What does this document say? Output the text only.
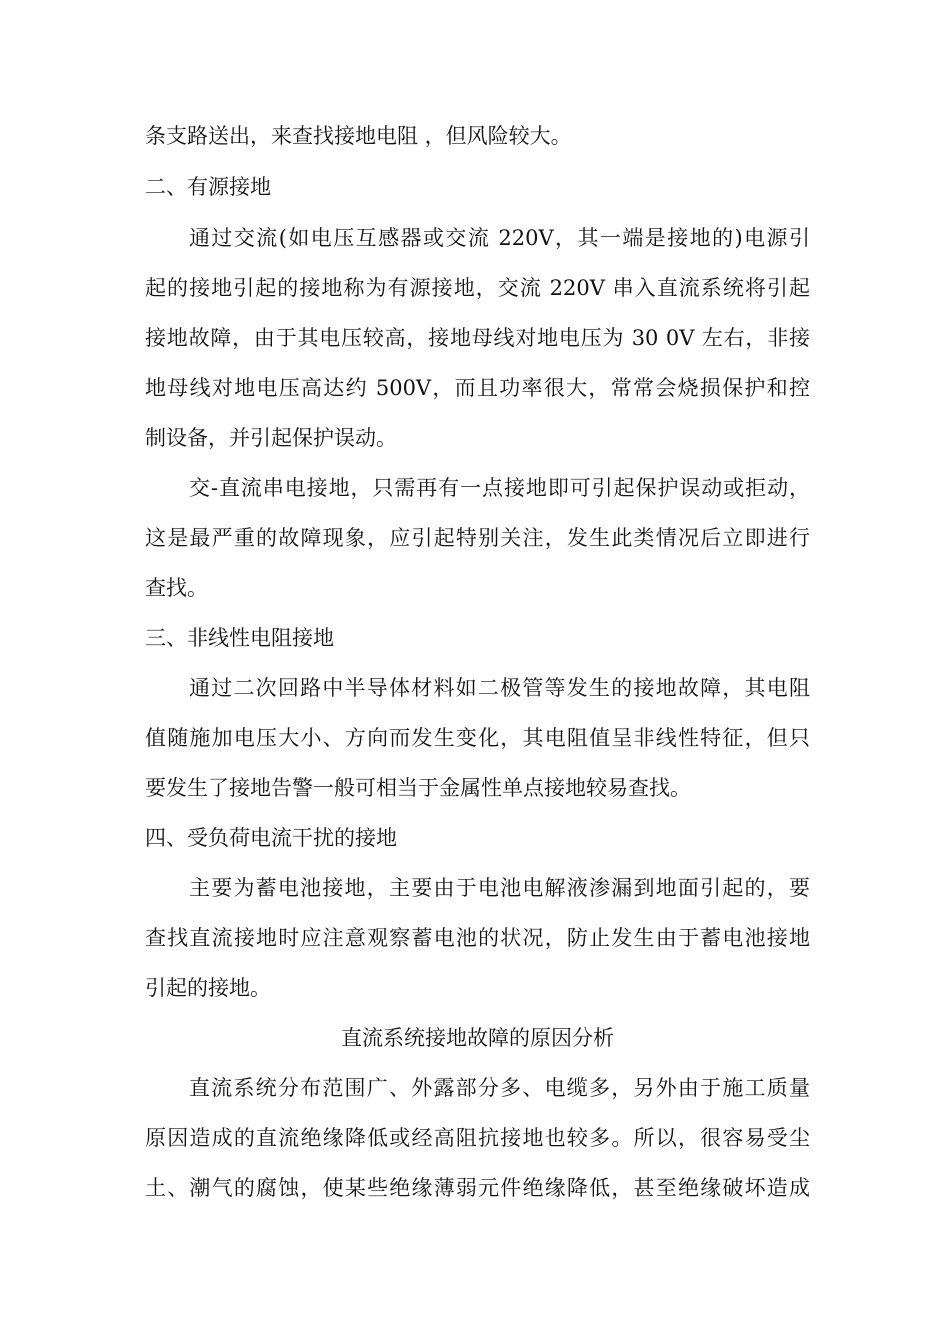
条支路送出，来查找接地电阻 ，但风险较大。
二、有源接地
通过交流(如电压互感器或交流 220V，其一端是接地的)电源引
起的接地引起的接地称为有源接地，交流 220V 串入直流系统将引起
接地故障，由于其电压较高，接地母线对地电压为 30 0V 左右，非接
地母线对地电压高达约 500V，而且功率很大，常常会烧损保护和控
制设备，并引起保护误动。
交-直流串电接地，只需再有一点接地即可引起保护误动或拒动，
这是最严重的故障现象，应引起特别关注，发生此类情况后立即进行
查找。
三、非线性电阻接地
通过二次回路中半导体材料如二极管等发生的接地故障，其电阻
值随施加电压大小、方向而发生变化，其电阻值呈非线性特征，但只
要发生了接地告警一般可相当于金属性单点接地较易查找。
四、受负荷电流干扰的接地
主要为蓄电池接地，主要由于电池电解液渗漏到地面引起的，要
查找直流接地时应注意观察蓄电池的状况，防止发生由于蓄电池接地
引起的接地。
直流系统接地故障的原因分析
直流系统分布范围广、外露部分多、电缆多，另外由于施工质量
原因造成的直流绝缘降低或经高阻抗接地也较多。所以，很容易受尘
土、潮气的腐蚀，使某些绝缘薄弱元件绝缘降低，甚至绝缘破坏造成
